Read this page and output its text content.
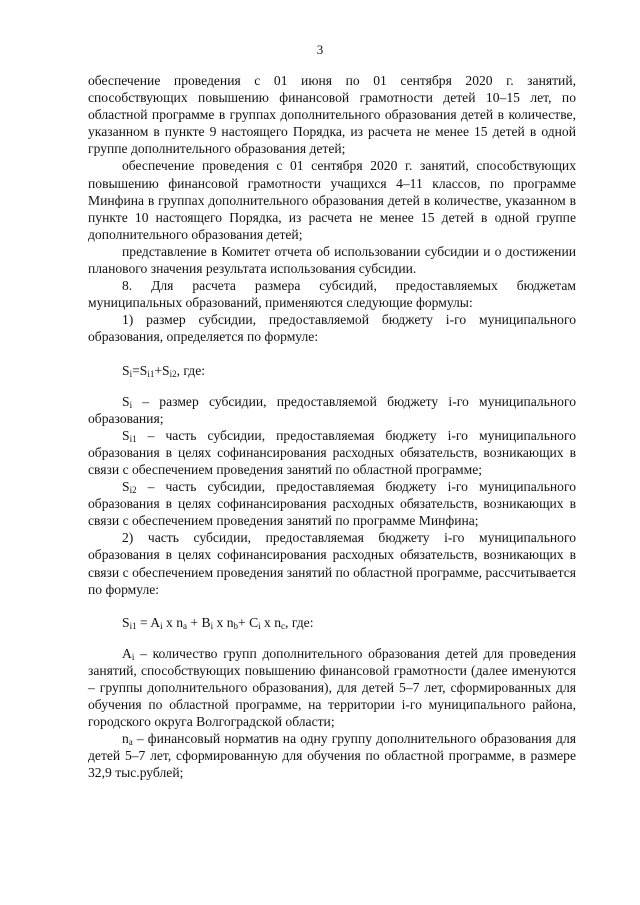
3

обеспечение проведения с 01 июня по 01 сентября 2020 г. занятий, способствующих повышению финансовой грамотности детей 10–15 лет, по областной программе в группах дополнительного образования детей в количестве, указанном в пункте 9 настоящего Порядка, из расчета не менее 15 детей в одной группе дополнительного образования детей;

обеспечение проведения с 01 сентября 2020 г. занятий, способствующих повышению финансовой грамотности учащихся 4–11 классов, по программе Минфина в группах дополнительного образования детей в количестве, указанном в пункте 10 настоящего Порядка, из расчета не менее 15 детей в одной группе дополнительного образования детей;

представление в Комитет отчета об использовании субсидии и о достижении планового значения результата использования субсидии.

8. Для расчета размера субсидий, предоставляемых бюджетам муниципальных образований, применяются следующие формулы:

1) размер субсидии, предоставляемой бюджету i-го муниципального образования, определяется по формуле:

$S_i=S_{i1}+S_{i2}$, где:

$S_i$ – размер субсидии, предоставляемой бюджету i-го муниципального образования;

$S_{i1}$ – часть субсидии, предоставляемая бюджету i-го муниципального образования в целях софинансирования расходных обязательств, возникающих в связи с обеспечением проведения занятий по областной программе;

$S_{i2}$ – часть субсидии, предоставляемая бюджету i-го муниципального образования в целях софинансирования расходных обязательств, возникающих в связи с обеспечением проведения занятий по программе Минфина;

2) часть субсидии, предоставляемая бюджету i-го муниципального образования в целях софинансирования расходных обязательств, возникающих в связи с обеспечением проведения занятий по областной программе, рассчитывается по формуле:

$S_{i1} = A_i$ x $n_a + B_i$ x $n_b+ C_i$ x $n_c$, где:

$A_i$ – количество групп дополнительного образования детей для проведения занятий, способствующих повышению финансовой грамотности (далее именуются – группы дополнительного образования), для детей 5–7 лет, сформированных для обучения по областной программе, на территории i-го муниципального района, городского округа Волгоградской области;

$n_a$ – финансовый норматив на одну группу дополнительного образования для детей 5–7 лет, сформированную для обучения по областной программе, в размере 32,9 тыс.рублей;
